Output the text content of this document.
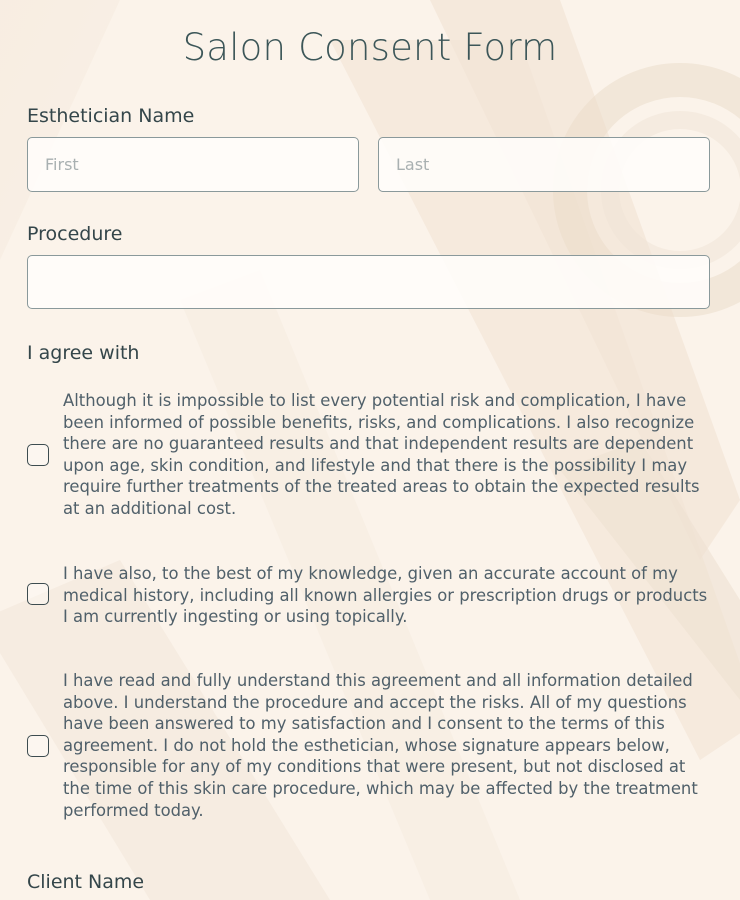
Salon Consent Form
Esthetician Name
First
Last
Procedure
I agree with
Although it is impossible to list every potential risk and complication, I have been informed of possible benefits, risks, and complications. I also recognize there are no guaranteed results and that independent results are dependent upon age, skin condition, and lifestyle and that there is the possibility I may require further treatments of the treated areas to obtain the expected results at an additional cost.
I have also, to the best of my knowledge, given an accurate account of my medical history, including all known allergies or prescription drugs or products I am currently ingesting or using topically.
I have read and fully understand this agreement and all information detailed above. I understand the procedure and accept the risks. All of my questions have been answered to my satisfaction and I consent to the terms of this agreement. I do not hold the esthetician, whose signature appears below, responsible for any of my conditions that were present, but not disclosed at the time of this skin care procedure, which may be affected by the treatment performed today.
Client Name
